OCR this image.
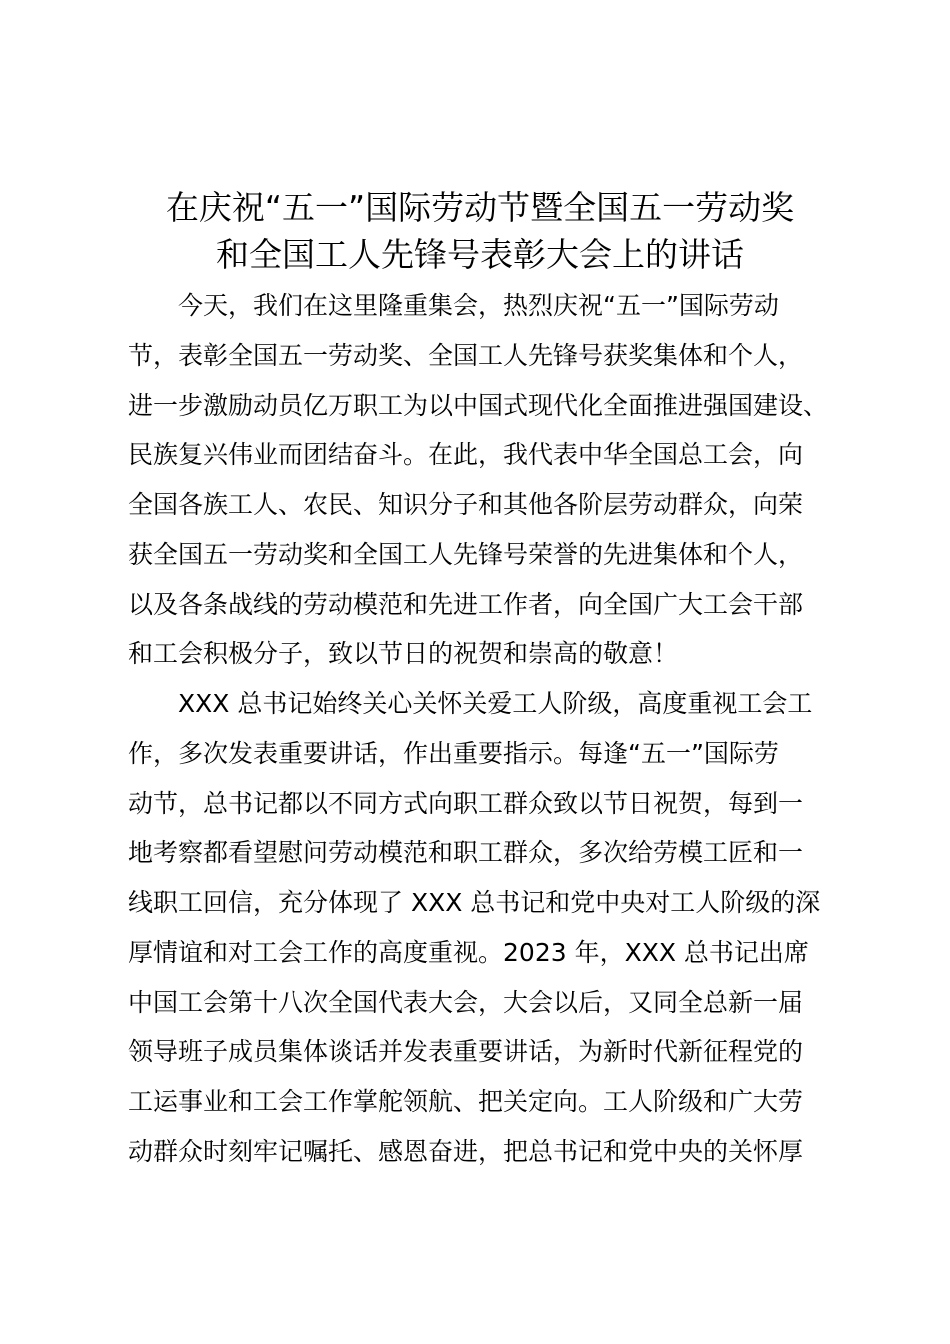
在庆祝“五一”国际劳动节暨全国五一劳动奖
和全国工人先锋号表彰大会上的讲话
今天，我们在这里隆重集会，热烈庆祝“五一”国际劳动
节，表彰全国五一劳动奖、全国工人先锋号获奖集体和个人，
进一步激励动员亿万职工为以中国式现代化全面推进强国建设、
民族复兴伟业而团结奋斗。在此，我代表中华全国总工会，向
全国各族工人、农民、知识分子和其他各阶层劳动群众，向荣
获全国五一劳动奖和全国工人先锋号荣誉的先进集体和个人，
以及各条战线的劳动模范和先进工作者，向全国广大工会干部
和工会积极分子，致以节日的祝贺和崇高的敬意！
XXX 总书记始终关心关怀关爱工人阶级，高度重视工会工
作，多次发表重要讲话，作出重要指示。每逢“五一”国际劳
动节，总书记都以不同方式向职工群众致以节日祝贺，每到一
地考察都看望慰问劳动模范和职工群众，多次给劳模工匠和一
线职工回信，充分体现了 XXX 总书记和党中央对工人阶级的深
厚情谊和对工会工作的高度重视。2023 年，XXX 总书记出席
中国工会第十八次全国代表大会，大会以后，又同全总新一届
领导班子成员集体谈话并发表重要讲话，为新时代新征程党的
工运事业和工会工作掌舵领航、把关定向。工人阶级和广大劳
动群众时刻牢记嘱托、感恩奋进，把总书记和党中央的关怀厚
